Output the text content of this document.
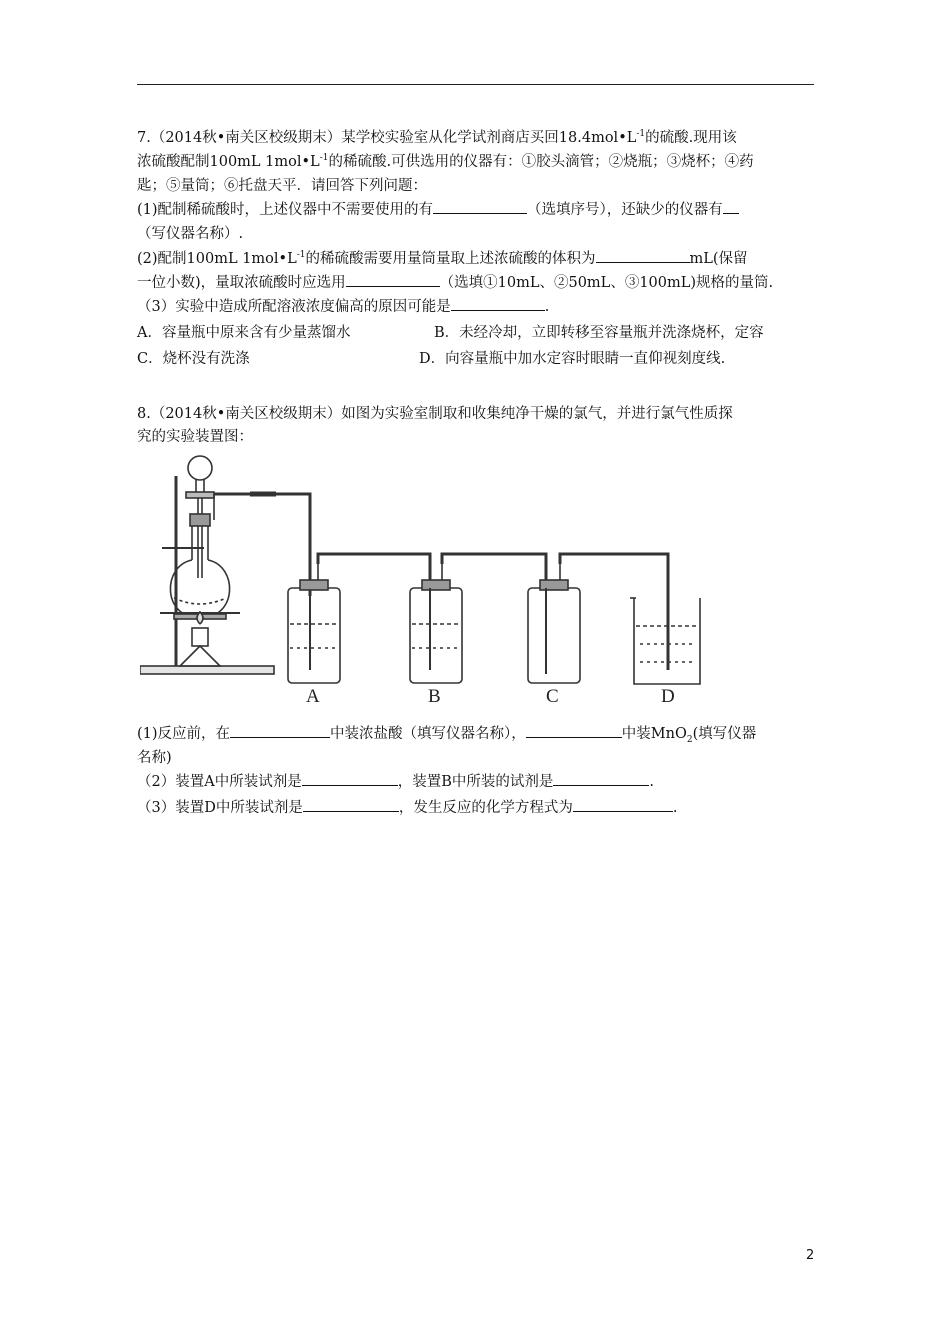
7.（2014秋•南关区校级期末）某学校实验室从化学试剂商店买回$18.4mol•L^{-1}$的硫酸.现用该
浓硫酸配制100mL $1mol•L^{-1}$的稀硫酸.可供选用的仪器有：①胶头滴管；②烧瓶；③烧杯；④药
匙；⑤量筒；⑥托盘天平．请回答下列问题：
(1)配制稀硫酸时，上述仪器中不需要使用的有	（选填序号），还缺少的仪器有
（写仪器名称）.
(2)配制100mL $1mol•L^{-1}$的稀硫酸需要用量筒量取上述浓硫酸的体积为	mL(保留
一位小数)，量取浓硫酸时应选用	（选填①10mL、②50mL、③100mL)规格的量筒.
（3）实验中造成所配溶液浓度偏高的原因可能是	.
A．容量瓶中原来含有少量蒸馏水	B．未经冷却，立即转移至容量瓶并洗涤烧杯，定容
C．烧杯没有洗涤	D．向容量瓶中加水定容时眼睛一直仰视刻度线.
8.（2014秋•南关区校级期末）如图为实验室制取和收集纯净干燥的氯气，并进行氯气性质探
究的实验装置图：
A	B	C	D
(1)反应前，在	中装浓盐酸（填写仪器名称），	中装MnO$_2$(填写仪器
名称)
（2）装置A中所装试剂是	，装置B中所装的试剂是	.
（3）装置D中所装试剂是	，发生反应的化学方程式为	.
2
